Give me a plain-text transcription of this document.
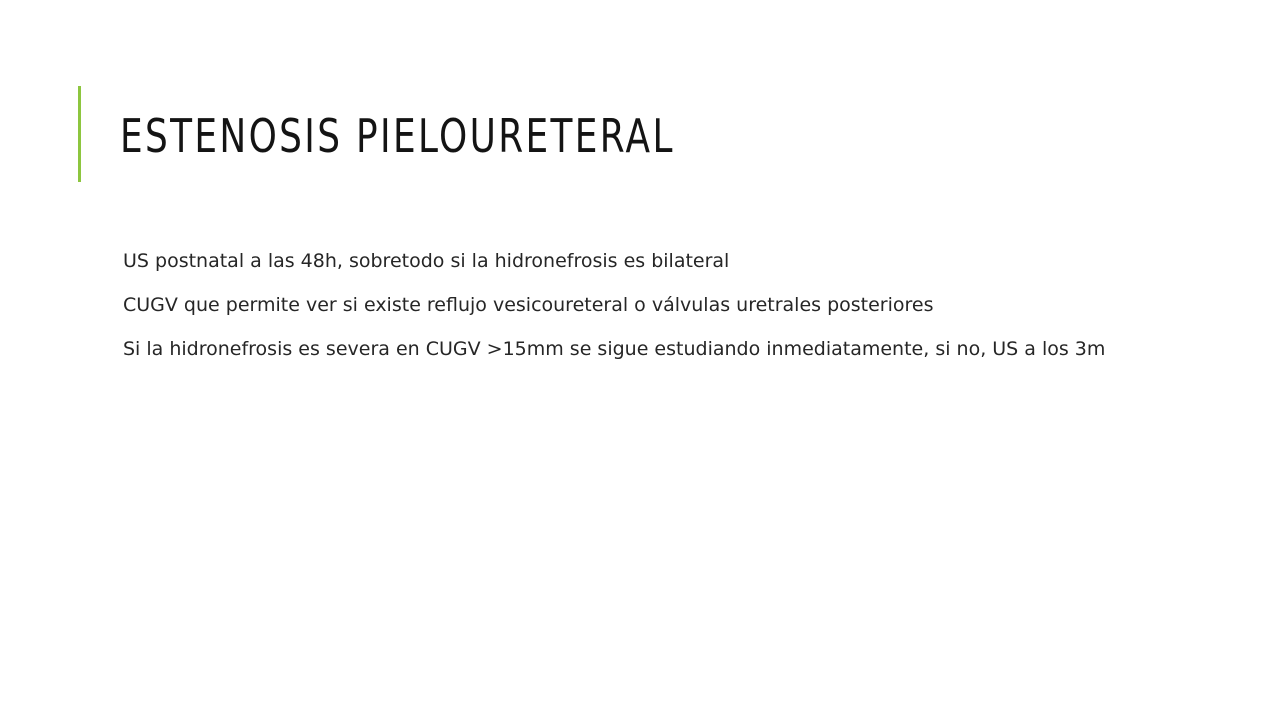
ESTENOSIS PIELOURETERAL

US postnatal a las 48h, sobretodo si la hidronefrosis es bilateral

CUGV que permite ver si existe reflujo vesicoureteral o válvulas uretrales posteriores

Si la hidronefrosis es severa en CUGV >15mm se sigue estudiando inmediatamente, si no, US a los 3m
